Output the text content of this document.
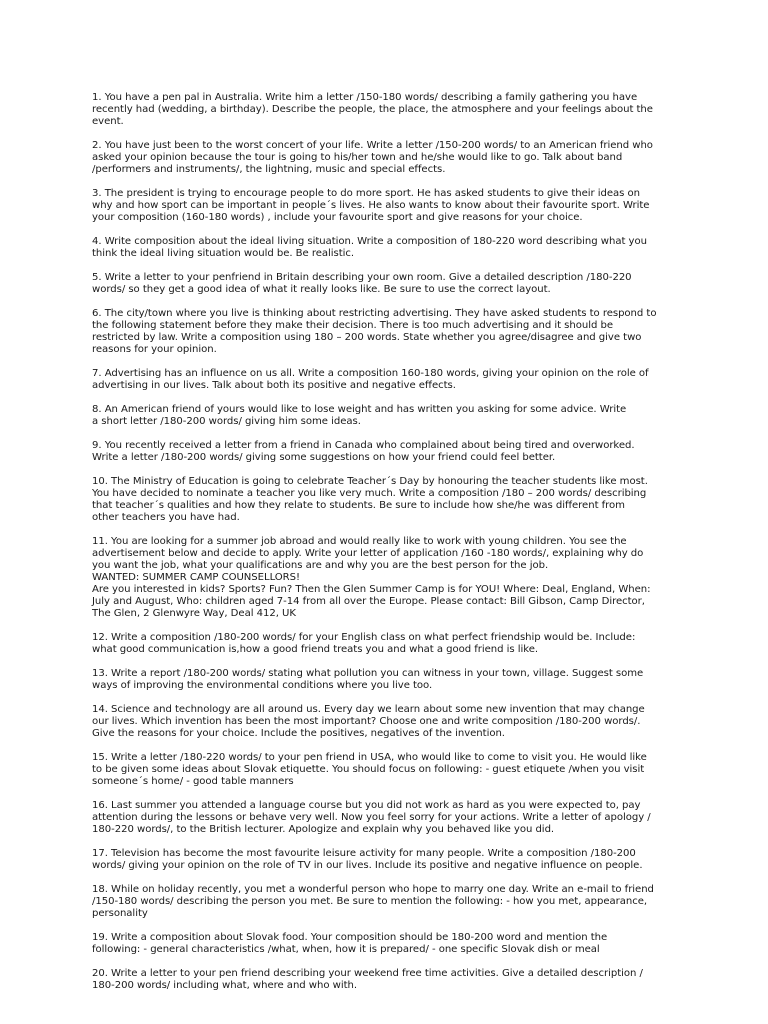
1. You have a pen pal in Australia. Write him a letter /150-180 words/ describing a family gathering you have
recently had (wedding, a birthday). Describe the people, the place, the atmosphere and your feelings about the
event.

2. You have just been to the worst concert of your life. Write a letter /150-200 words/ to an American friend who
asked your opinion because the tour is going to his/her town and he/she would like to go. Talk about band
/performers and instruments/, the lightning, music and special effects.

3. The president is trying to encourage people to do more sport. He has asked students to give their ideas on
why and how sport can be important in people´s lives. He also wants to know about their favourite sport. Write
your composition (160-180 words) , include your favourite sport and give reasons for your choice.

4. Write composition about the ideal living situation. Write a composition of 180-220 word describing what you
think the ideal living situation would be. Be realistic.

5. Write a letter to your penfriend in Britain describing your own room. Give a detailed description /180-220
words/ so they get a good idea of what it really looks like. Be sure to use the correct layout.

6. The city/town where you live is thinking about restricting advertising. They have asked students to respond to
the following statement before they make their decision. There is too much advertising and it should be
restricted by law. Write a composition using 180 – 200 words. State whether you agree/disagree and give two
reasons for your opinion.

7. Advertising has an influence on us all. Write a composition 160-180 words, giving your opinion on the role of
advertising in our lives. Talk about both its positive and negative effects.

8. An American friend of yours would like to lose weight and has written you asking for some advice. Write
a short letter /180-200 words/ giving him some ideas.

9. You recently received a letter from a friend in Canada who complained about being tired and overworked.
Write a letter /180-200 words/ giving some suggestions on how your friend could feel better.

10. The Ministry of Education is going to celebrate Teacher´s Day by honouring the teacher students like most.
You have decided to nominate a teacher you like very much. Write a composition /180 – 200 words/ describing
that teacher´s qualities and how they relate to students. Be sure to include how she/he was different from
other teachers you have had.

11. You are looking for a summer job abroad and would really like to work with young children. You see the
advertisement below and decide to apply. Write your letter of application /160 -180 words/, explaining why do
you want the job, what your qualifications are and why you are the best person for the job.
WANTED: SUMMER CAMP COUNSELLORS!
Are you interested in kids? Sports? Fun? Then the Glen Summer Camp is for YOU! Where: Deal, England, When:
July and August, Who: children aged 7-14 from all over the Europe. Please contact: Bill Gibson, Camp Director,
The Glen, 2 Glenwyre Way, Deal 412, UK

12. Write a composition /180-200 words/ for your English class on what perfect friendship would be. Include:
what good communication is,how a good friend treats you and what a good friend is like.

13. Write a report /180-200 words/ stating what pollution you can witness in your town, village. Suggest some
ways of improving the environmental conditions where you live too.

14. Science and technology are all around us. Every day we learn about some new invention that may change
our lives. Which invention has been the most important? Choose one and write composition /180-200 words/.
Give the reasons for your choice. Include the positives, negatives of the invention.

15. Write a letter /180-220 words/ to your pen friend in USA, who would like to come to visit you. He would like
to be given some ideas about Slovak etiquette. You should focus on following: - guest etiquete /when you visit
someone´s home/ - good table manners

16. Last summer you attended a language course but you did not work as hard as you were expected to, pay
attention during the lessons or behave very well. Now you feel sorry for your actions. Write a letter of apology /
180-220 words/, to the British lecturer. Apologize and explain why you behaved like you did.

17. Television has become the most favourite leisure activity for many people. Write a composition /180-200
words/ giving your opinion on the role of TV in our lives. Include its positive and negative influence on people.

18. While on holiday recently, you met a wonderful person who hope to marry one day. Write an e-mail to friend
/150-180 words/ describing the person you met. Be sure to mention the following: - how you met, appearance,
personality

19. Write a composition about Slovak food. Your composition should be 180-200 word and mention the
following: - general characteristics /what, when, how it is prepared/ - one specific Slovak dish or meal

20. Write a letter to your pen friend describing your weekend free time activities. Give a detailed description /
180-200 words/ including what, where and who with.
